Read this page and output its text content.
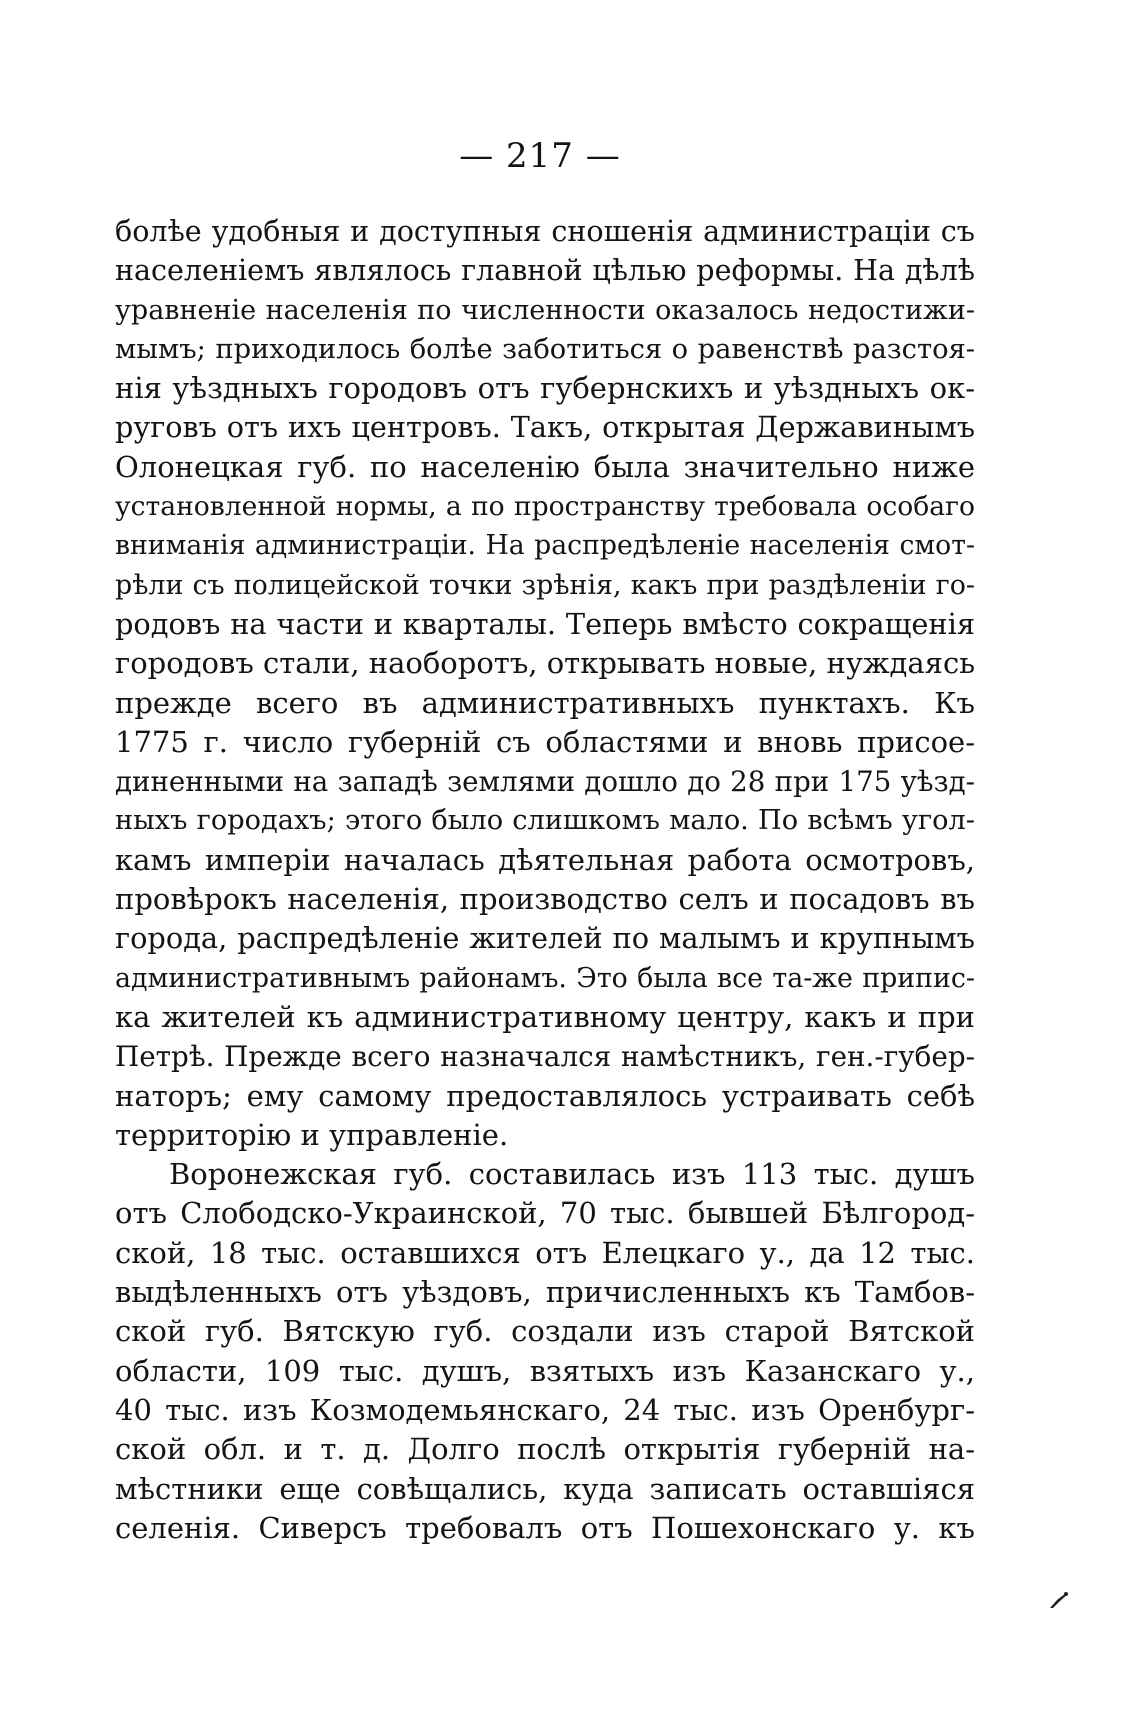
— 217 —
болѣе удобныя и доступныя сношенія администраціи съ
населеніемъ являлось главной цѣлью реформы. На дѣлѣ
уравненіе населенія по численности оказалось недостижи-
мымъ; приходилось болѣе заботиться о равенствѣ разстоя-
нія уѣздныхъ городовъ отъ губернскихъ и уѣздныхъ ок-
руговъ отъ ихъ центровъ. Такъ, открытая Державинымъ
Олонецкая губ. по населенію была значительно ниже
установленной нормы, а по пространству требовала особаго
вниманія администраціи. На распредѣленіе населенія смот-
рѣли съ полицейской точки зрѣнія, какъ при раздѣленіи го-
родовъ на части и кварталы. Теперь вмѣсто сокращенія
городовъ стали, наоборотъ, открывать новые, нуждаясь
прежде всего въ административныхъ пунктахъ. Къ
1775 г. число губерній съ областями и вновь присое-
диненными на западѣ землями дошло до 28 при 175 уѣзд-
ныхъ городахъ; этого было слишкомъ мало. По всѣмъ угол-
камъ имперіи началась дѣятельная работа осмотровъ,
провѣрокъ населенія, производство селъ и посадовъ въ
города, распредѣленіе жителей по малымъ и крупнымъ
административнымъ районамъ. Это была все та-же припис-
ка жителей къ административному центру, какъ и при
Петрѣ. Прежде всего назначался намѣстникъ, ген.-губер-
наторъ; ему самому предоставлялось устраивать себѣ
территорію и управленіе.
Воронежская губ. составилась изъ 113 тыс. душъ
отъ Слободско-Украинской, 70 тыс. бывшей Бѣлгород-
ской, 18 тыс. оставшихся отъ Елецкаго у., да 12 тыс.
выдѣленныхъ отъ уѣздовъ, причисленныхъ къ Тамбов-
ской губ. Вятскую губ. создали изъ старой Вятской
области, 109 тыс. душъ, взятыхъ изъ Казанскаго у.,
40 тыс. изъ Козмодемьянскаго, 24 тыс. изъ Оренбург-
ской обл. и т. д. Долго послѣ открытія губерній на-
мѣстники еще совѣщались, куда записать оставшіяся
селенія. Сиверсъ требовалъ отъ Пошехонскаго у. къ
